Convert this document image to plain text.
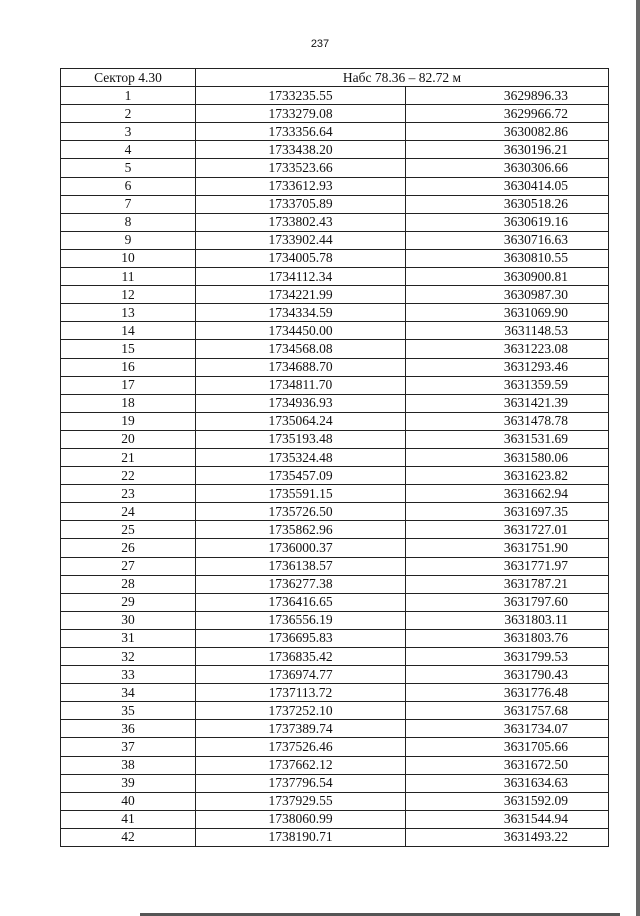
237
Сектор 4.30	Набс 78.36 – 82.72 м	
1	1733235.55	3629896.33
2	1733279.08	3629966.72
3	1733356.64	3630082.86
4	1733438.20	3630196.21
5	1733523.66	3630306.66
6	1733612.93	3630414.05
7	1733705.89	3630518.26
8	1733802.43	3630619.16
9	1733902.44	3630716.63
10	1734005.78	3630810.55
11	1734112.34	3630900.81
12	1734221.99	3630987.30
13	1734334.59	3631069.90
14	1734450.00	3631148.53
15	1734568.08	3631223.08
16	1734688.70	3631293.46
17	1734811.70	3631359.59
18	1734936.93	3631421.39
19	1735064.24	3631478.78
20	1735193.48	3631531.69
21	1735324.48	3631580.06
22	1735457.09	3631623.82
23	1735591.15	3631662.94
24	1735726.50	3631697.35
25	1735862.96	3631727.01
26	1736000.37	3631751.90
27	1736138.57	3631771.97
28	1736277.38	3631787.21
29	1736416.65	3631797.60
30	1736556.19	3631803.11
31	1736695.83	3631803.76
32	1736835.42	3631799.53
33	1736974.77	3631790.43
34	1737113.72	3631776.48
35	1737252.10	3631757.68
36	1737389.74	3631734.07
37	1737526.46	3631705.66
38	1737662.12	3631672.50
39	1737796.54	3631634.63
40	1737929.55	3631592.09
41	1738060.99	3631544.94
42	1738190.71	3631493.22
